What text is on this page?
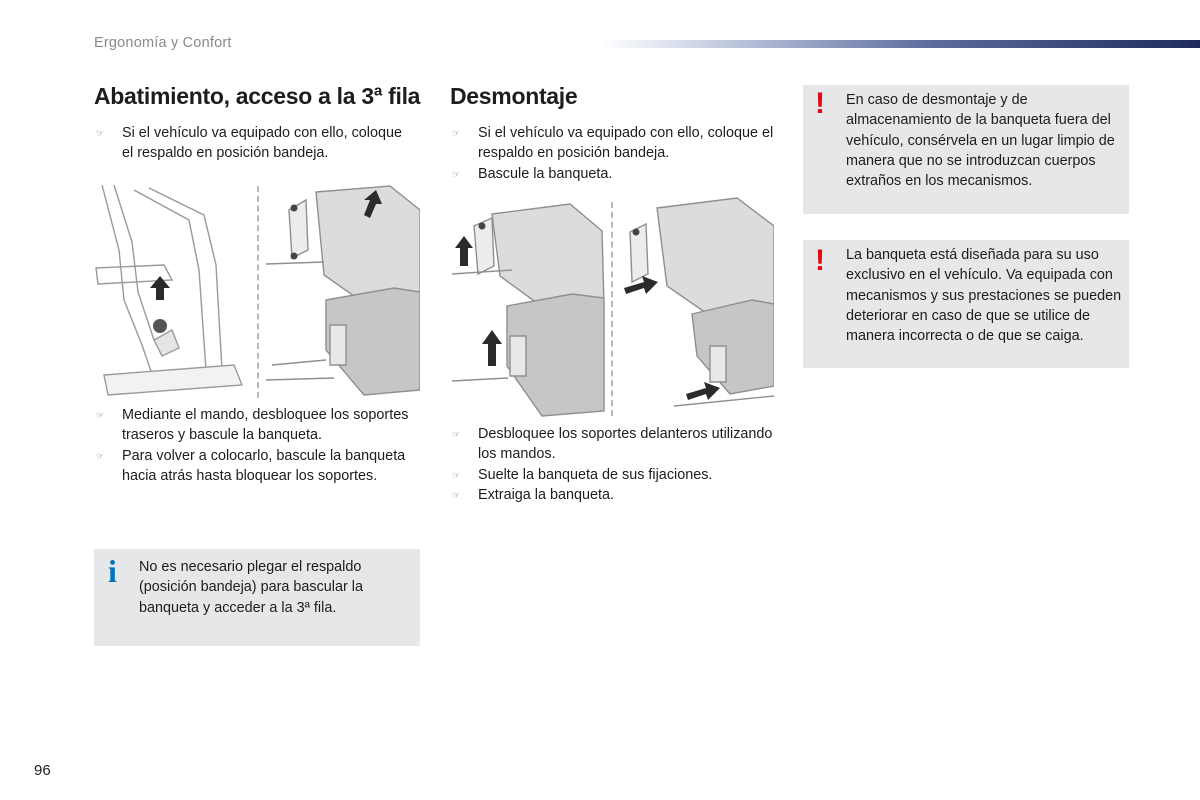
Ergonomía y Confort
Abatimiento, acceso a la 3ª fila
☞ Si el vehículo va equipado con ello, coloque el respaldo en posición bandeja.
☞ Mediante el mando, desbloquee los soportes traseros y bascule la banqueta.
☞ Para volver a colocarlo, bascule la banqueta hacia atrás hasta bloquear los soportes.
i No es necesario plegar el respaldo (posición bandeja) para bascular la banqueta y acceder a la 3ª fila.
Desmontaje
☞ Si el vehículo va equipado con ello, coloque el respaldo en posición bandeja.
☞ Bascule la banqueta.
☞ Desbloquee los soportes delanteros utilizando los mandos.
☞ Suelte la banqueta de sus fijaciones.
☞ Extraiga la banqueta.
! En caso de desmontaje y de almacenamiento de la banqueta fuera del vehículo, consérvela en un lugar limpio de manera que no se introduzcan cuerpos extraños en los mecanismos.
! La banqueta está diseñada para su uso exclusivo en el vehículo. Va equipada con mecanismos y sus prestaciones se pueden deteriorar en caso de que se utilice de manera incorrecta o de que se caiga.
96
